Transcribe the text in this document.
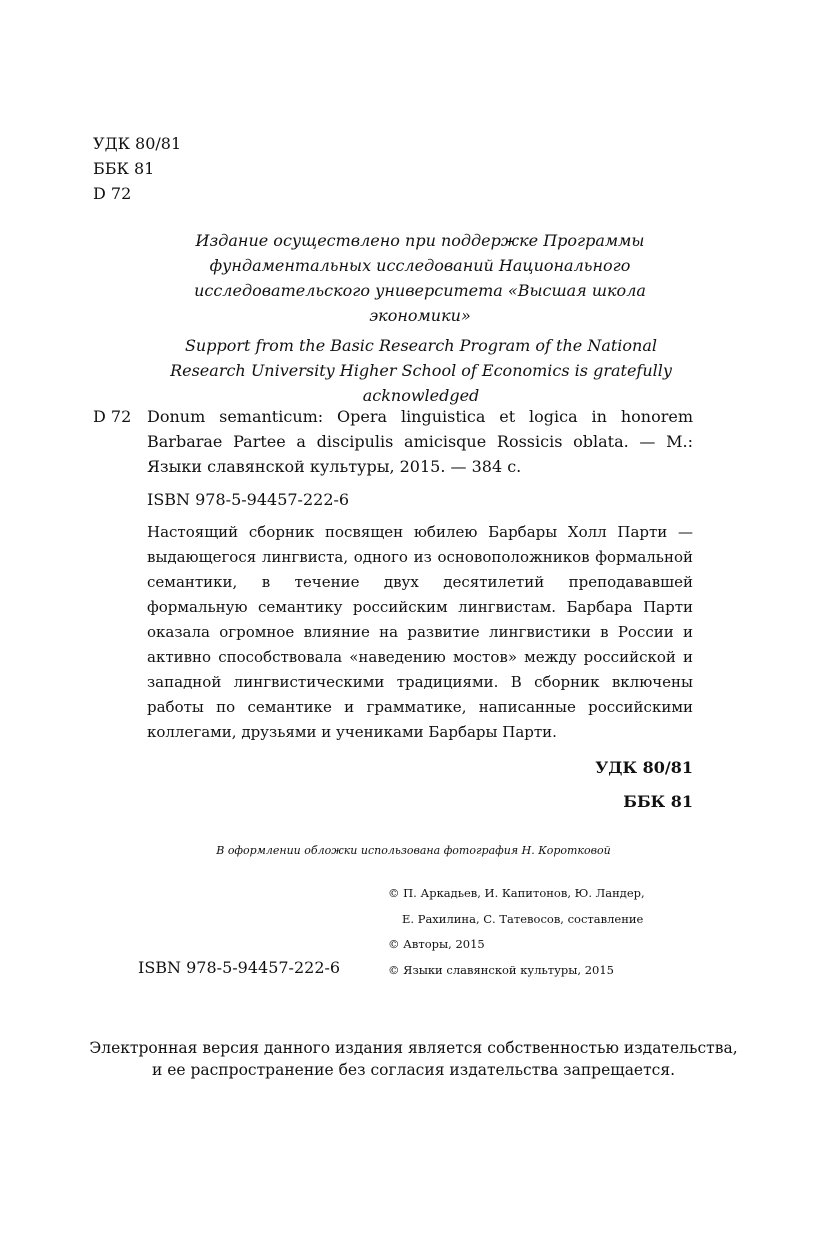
УДК 80/81
ББК 81
D 72
Издание осуществлено при поддержке Программы фундаментальных исследований Национального исследовательского университета «Высшая школа экономики»
Support from the Basic Research Program of the National Research University Higher School of Economics is gratefully acknowledged
D 72 Donum semanticum: Opera linguistica et logica in honorem Barbarae Partee a discipulis amicisque Rossicis oblata. — М.: Языки славянской культуры, 2015. — 384 с.
ISBN 978-5-94457-222-6
Настоящий сборник посвящен юбилею Барбары Холл Парти — выдающегося лингвиста, одного из основоположников формальной семантики, в течение двух десятилетий преподававшей формальную семантику российским лингвистам. Барбара Парти оказала огромное влияние на развитие лингвистики в России и активно способствовала «наведению мостов» между российской и западной лингвистическими традициями. В сборник включены работы по семантике и грамматике, написанные российскими коллегами, друзьями и учениками Барбары Парти.
УДК 80/81
ББК 81
В оформлении обложки использована фотография Н. Коротковой
© П. Аркадьев, И. Капитонов, Ю. Ландер,
Е. Рахилина, С. Татевосов, составление
© Авторы, 2015
© Языки славянской культуры, 2015
ISBN 978-5-94457-222-6
Электронная версия данного издания является собственностью издательства,
и ее распространение без согласия издательства запрещается.
